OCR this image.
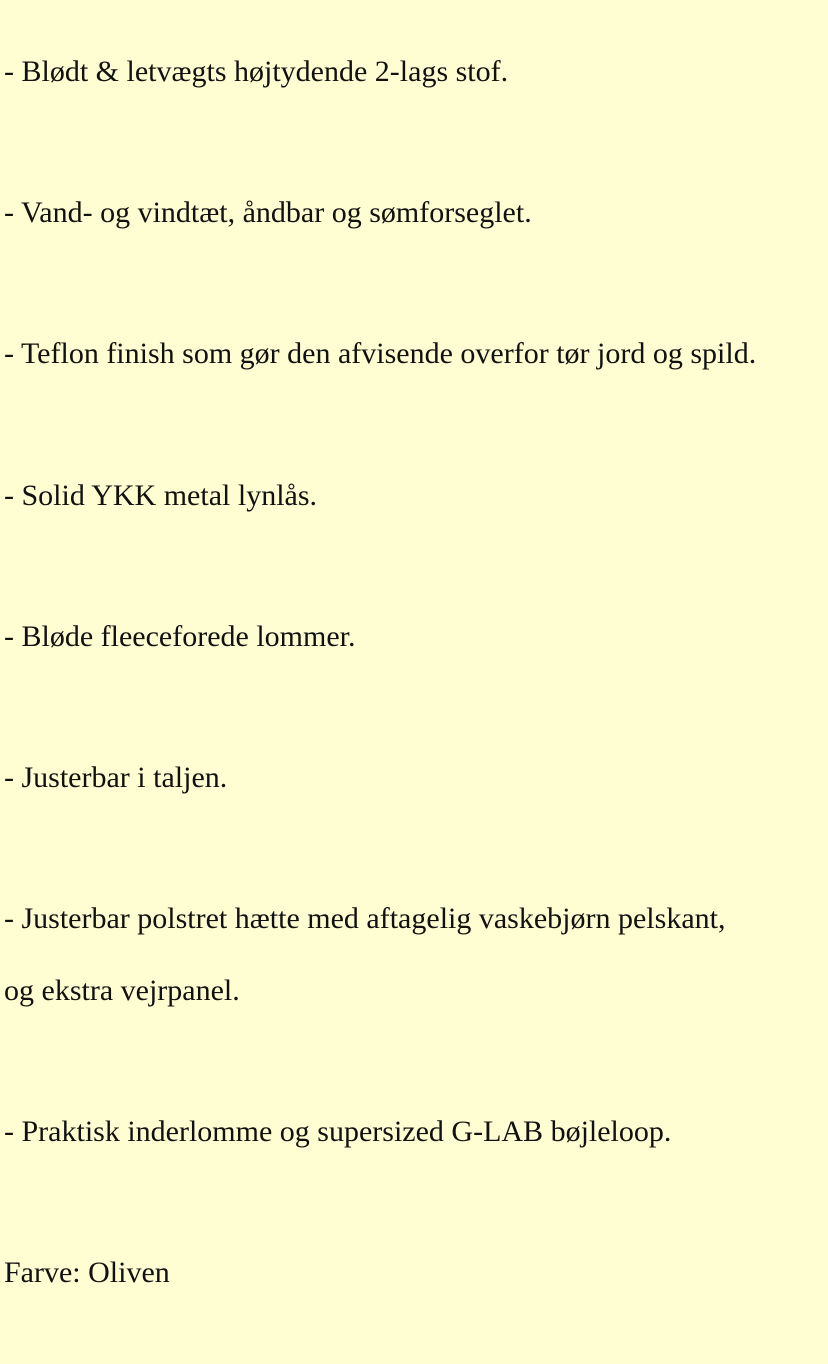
- Blødt & letvægts højtydende 2-lags stof.
- Vand- og vindtæt, åndbar og sømforseglet.
- Teflon finish som gør den afvisende overfor tør jord og spild.
- Solid YKK metal lynlås.
- Bløde fleeceforede lommer.
- Justerbar i taljen.
- Justerbar polstret hætte med aftagelig vaskebjørn pelskant,
og ekstra vejrpanel.
- Praktisk inderlomme og supersized G-LAB bøjleloop.
Farve: Oliven
